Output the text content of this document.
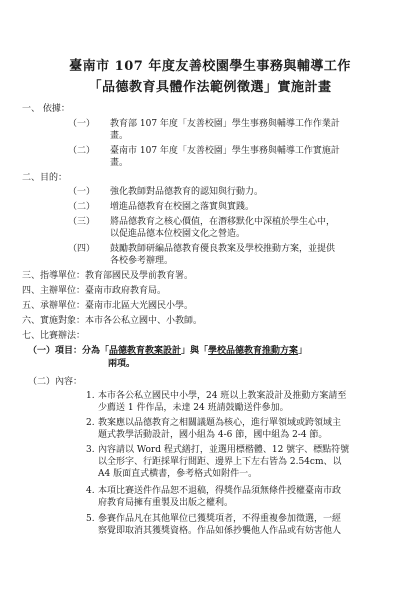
臺南市 107 年度友善校園學生事務與輔導工作
「品德教育具體作法範例徵選」實施計畫
一、 依據：
（一） 教育部 107 年度「友善校園」學生事務與輔導工作作業計
畫。
（二） 臺南市 107 年度「友善校園」學生事務與輔導工作實施計
畫。
二、目的：
（一） 強化教師對品德教育的認知與行動力。
（二） 增進品德教育在校園之落實與實踐。
（三） 將品德教育之核心價值，在潛移默化中深植於學生心中，
以促進品德本位校園文化之營造。
（四） 鼓勵教師研編品德教育優良教案及學校推動方案，並提供
各校參考辦理。
三、指導單位：教育部國民及學前教育署。
四、主辦單位：臺南市政府教育局。
五、承辦單位：臺南市北區大光國民小學。
六、實施對象：本市各公私立國中、小教師。
七、比賽辦法：
（一）項目：分為「品德教育教案設計」與「學校品德教育推動方案」
兩項。
（二）內容：
1. 本市各公私立國民中小學，24 班以上教案設計及推動方案請至
少薦送 1 件作品，未達 24 班請鼓勵送件參加。
2. 教案應以品德教育之相關議題為核心，進行單領域或跨領域主
題式教學活動設計，國小組為 4-6 節，國中組為 2-4 節。
3. 內容請以 Word 程式繕打，並選用標楷體、12 號字、標點符號
以全形字、行距採單行間距、邊界上下左右皆為 2.54cm、以
A4 版面直式横書，參考格式如附件一。
4. 本項比賽送件作品恕不退稿，得獎作品須無條件授權臺南市政
府教育局擁有重製及出版之權利。
5. 參賽作品凡在其他單位已獲獎項者，不得重複參加徵選，一經
察覺即取消其獲獎資格。作品如係抄襲他人作品或有妨害他人
